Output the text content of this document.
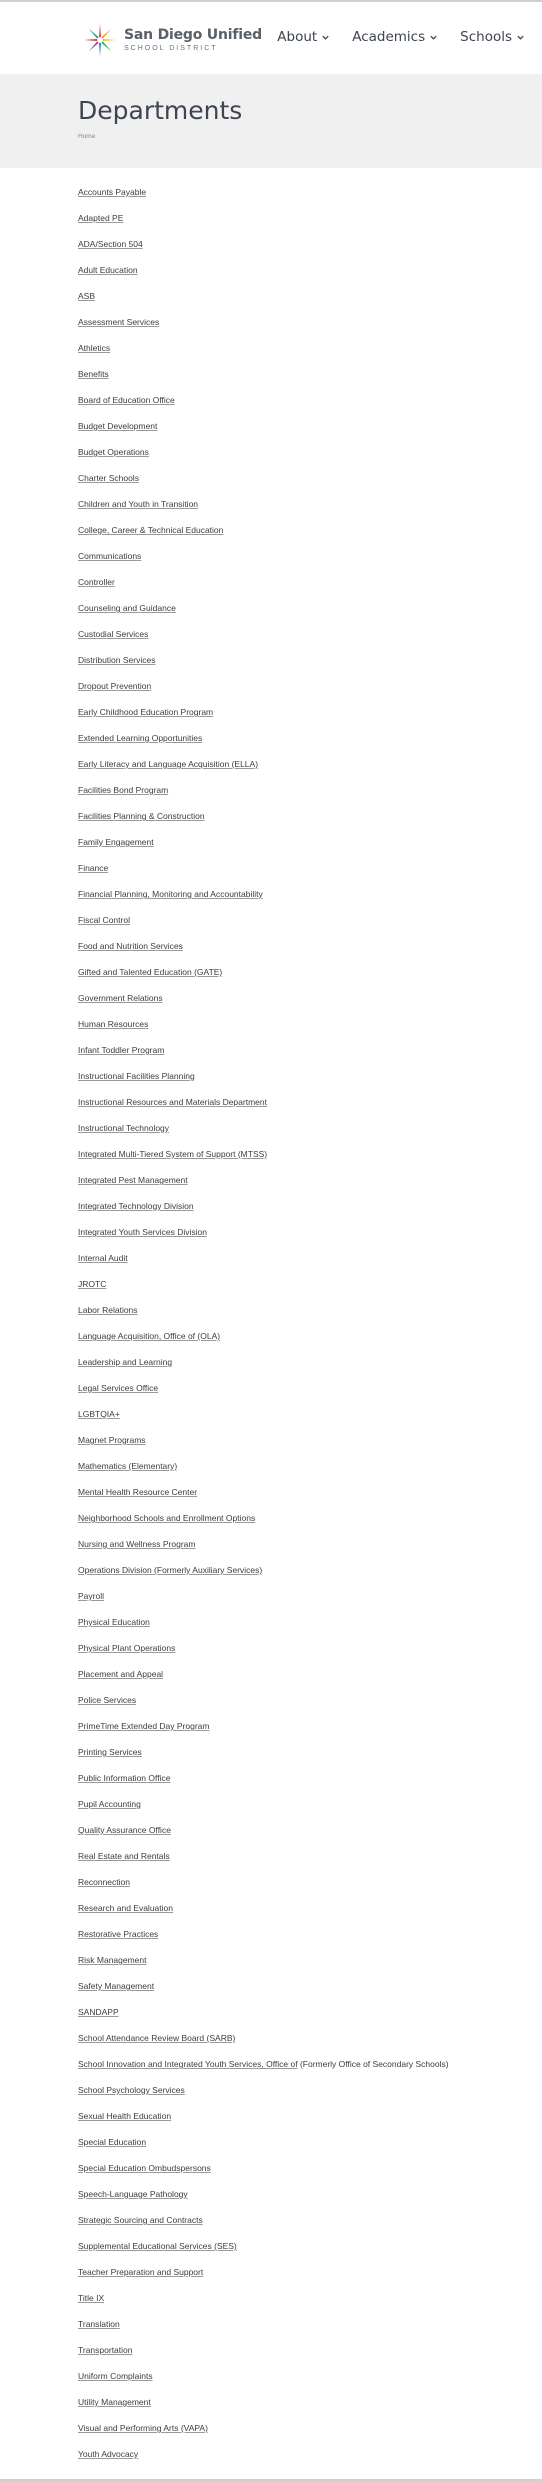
San Diego Unified
SCHOOL DISTRICT
About	Academics	Schools
Departments
Home
Accounts Payable
Adapted PE
ADA/Section 504
Adult Education
ASB
Assessment Services
Athletics
Benefits
Board of Education Office
Budget Development
Budget Operations
Charter Schools
Children and Youth in Transition
College, Career & Technical Education
Communications
Controller
Counseling and Guidance
Custodial Services
Distribution Services
Dropout Prevention
Early Childhood Education Program
Extended Learning Opportunities
Early Literacy and Language Acquisition (ELLA)
Facilities Bond Program
Facilities Planning & Construction
Family Engagement
Finance
Financial Planning, Monitoring and Accountability
Fiscal Control
Food and Nutrition Services
Gifted and Talented Education (GATE)
Government Relations
Human Resources
Infant Toddler Program
Instructional Facilities Planning
Instructional Resources and Materials Department
Instructional Technology
Integrated Multi-Tiered System of Support (MTSS)
Integrated Pest Management
Integrated Technology Division
Integrated Youth Services Division
Internal Audit
JROTC
Labor Relations
Language Acquisition, Office of (OLA)
Leadership and Learning
Legal Services Office
LGBTQIA+
Magnet Programs
Mathematics (Elementary)
Mental Health Resource Center
Neighborhood Schools and Enrollment Options
Nursing and Wellness Program
Operations Division (Formerly Auxiliary Services)
Payroll
Physical Education
Physical Plant Operations
Placement and Appeal
Police Services
PrimeTime Extended Day Program
Printing Services
Public Information Office
Pupil Accounting
Quality Assurance Office
Real Estate and Rentals
Reconnection
Research and Evaluation
Restorative Practices
Risk Management
Safety Management
SANDAPP
School Attendance Review Board (SARB)
School Innovation and Integrated Youth Services, Office of (Formerly Office of Secondary Schools)
School Psychology Services
Sexual Health Education
Special Education
Special Education Ombudspersons
Speech-Language Pathology
Strategic Sourcing and Contracts
Supplemental Educational Services (SES)
Teacher Preparation and Support
Title IX
Translation
Transportation
Uniform Complaints
Utility Management
Visual and Performing Arts (VAPA)
Youth Advocacy
